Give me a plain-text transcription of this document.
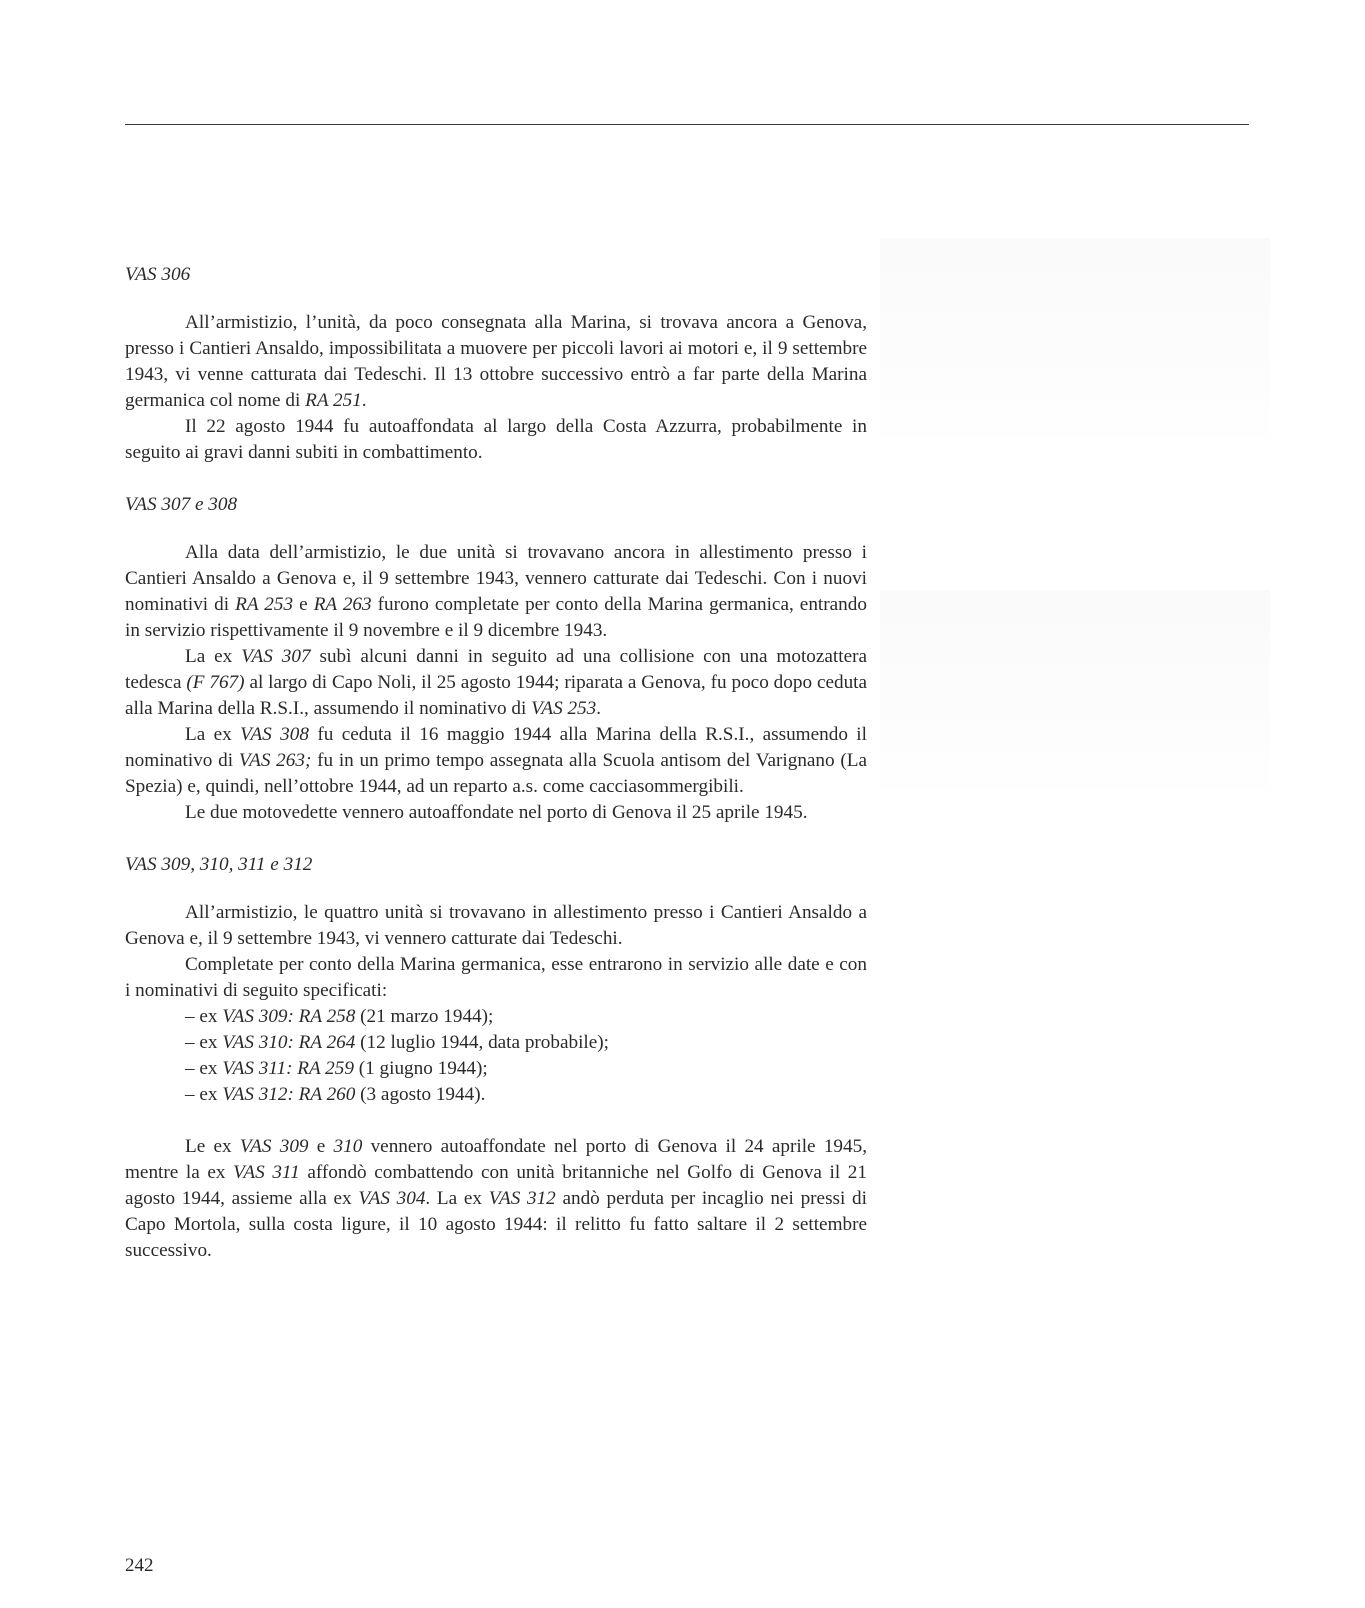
VAS 306

All’armistizio, l’unità, da poco consegnata alla Marina, si trovava ancora a Genova, presso i Cantieri Ansaldo, impossibilitata a muovere per piccoli lavori ai motori e, il 9 settembre 1943, vi venne catturata dai Tedeschi. Il 13 ottobre successivo entrò a far parte della Marina germanica col nome di RA 251.

Il 22 agosto 1944 fu autoaffondata al largo della Costa Azzurra, probabilmente in seguito ai gravi danni subiti in combattimento.

VAS 307 e 308

Alla data dell’armistizio, le due unità si trovavano ancora in allestimento presso i Cantieri Ansaldo a Genova e, il 9 settembre 1943, vennero catturate dai Tedeschi. Con i nuovi nominativi di RA 253 e RA 263 furono completate per conto della Marina germanica, entrando in servizio rispettivamente il 9 novembre e il 9 dicembre 1943.

La ex VAS 307 subì alcuni danni in seguito ad una collisione con una motozattera tedesca (F 767) al largo di Capo Noli, il 25 agosto 1944; riparata a Genova, fu poco dopo ceduta alla Marina della R.S.I., assumendo il nominativo di VAS 253.

La ex VAS 308 fu ceduta il 16 maggio 1944 alla Marina della R.S.I., assumendo il nominativo di VAS 263; fu in un primo tempo assegnata alla Scuola antisom del Varignano (La Spezia) e, quindi, nell’ottobre 1944, ad un reparto a.s. come cacciasommergibili.

Le due motovedette vennero autoaffondate nel porto di Genova il 25 aprile 1945.

VAS 309, 310, 311 e 312

All’armistizio, le quattro unità si trovavano in allestimento presso i Cantieri Ansaldo a Genova e, il 9 settembre 1943, vi vennero catturate dai Tedeschi.

Completate per conto della Marina germanica, esse entrarono in servizio alle date e con i nominativi di seguito specificati:

– ex VAS 309: RA 258 (21 marzo 1944);
– ex VAS 310: RA 264 (12 luglio 1944, data probabile);
– ex VAS 311: RA 259 (1 giugno 1944);
– ex VAS 312: RA 260 (3 agosto 1944).

Le ex VAS 309 e 310 vennero autoaffondate nel porto di Genova il 24 aprile 1945, mentre la ex VAS 311 affondò combattendo con unità britanniche nel Golfo di Genova il 21 agosto 1944, assieme alla ex VAS 304. La ex VAS 312 andò perduta per incaglio nei pressi di Capo Mortola, sulla costa ligure, il 10 agosto 1944: il relitto fu fatto saltare il 2 settembre successivo.

242
